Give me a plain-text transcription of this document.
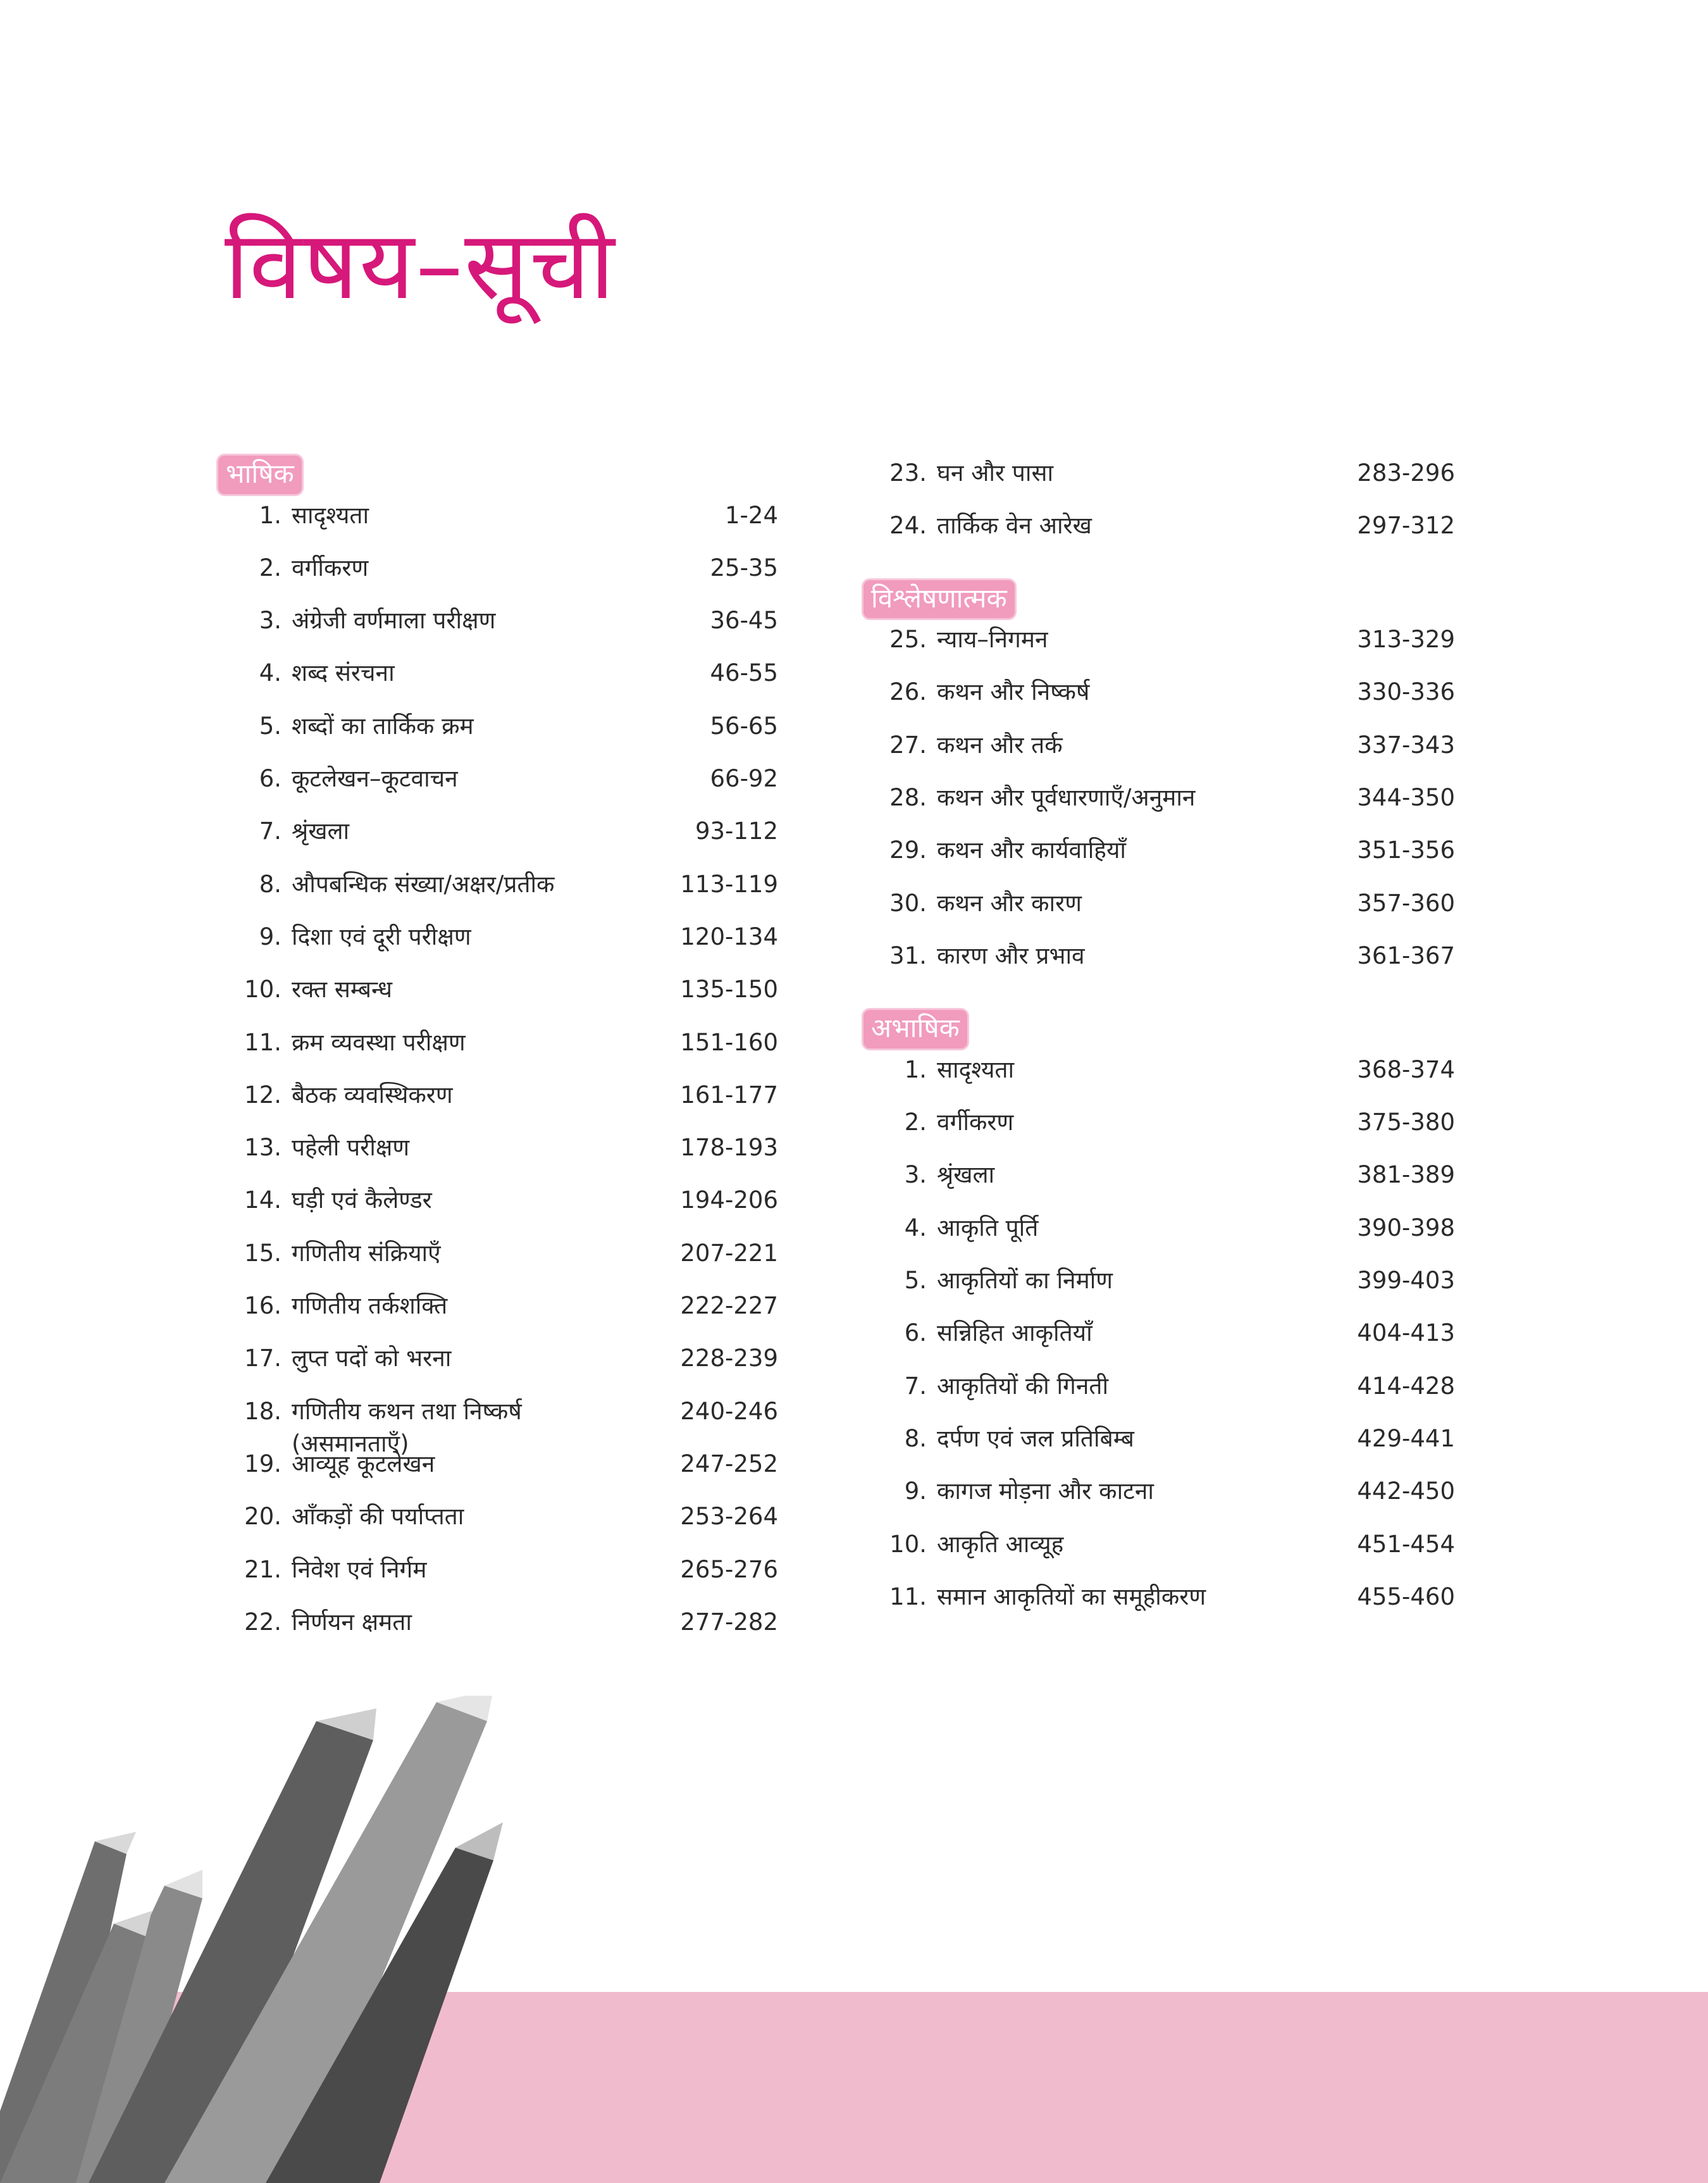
विषय–सूची
भाषिक
1. सादृश्यता	1-24
2. वर्गीकरण	25-35
3. अंग्रेजी वर्णमाला परीक्षण	36-45
4. शब्द संरचना	46-55
5. शब्दों का तार्किक क्रम	56-65
6. कूटलेखन–कूटवाचन	66-92
7. श्रृंखला	93-112
8. औपबन्धिक संख्या/अक्षर/प्रतीक	113-119
9. दिशा एवं दूरी परीक्षण	120-134
10. रक्त सम्बन्ध	135-150
11. क्रम व्यवस्था परीक्षण	151-160
12. बैठक व्यवस्थिकरण	161-177
13. पहेली परीक्षण	178-193
14. घड़ी एवं कैलेण्डर	194-206
15. गणितीय संक्रियाएँ	207-221
16. गणितीय तर्कशक्ति	222-227
17. लुप्त पदों को भरना	228-239
18. गणितीय कथन तथा निष्कर्ष (असमानताएँ)
240-246
19. आव्यूह कूटलेखन	247-252
20. आँकड़ों की पर्याप्तता	253-264
21. निवेश एवं निर्गम	265-276
22. निर्णयन क्षमता	277-282
23. घन और पासा	283-296
24. तार्किक वेन आरेख	297-312
विश्लेषणात्मक
25. न्याय–निगमन	313-329
26. कथन और निष्कर्ष	330-336
27. कथन और तर्क	337-343
28. कथन और पूर्वधारणाएँ/अनुमान	344-350
29. कथन और कार्यवाहियाँ	351-356
30. कथन और कारण	357-360
31. कारण और प्रभाव	361-367
अभाषिक
1. सादृश्यता	368-374
2. वर्गीकरण	375-380
3. श्रृंखला	381-389
4. आकृति पूर्ति	390-398
5. आकृतियों का निर्माण	399-403
6. सन्निहित आकृतियाँ	404-413
7. आकृतियों की गिनती	414-428
8. दर्पण एवं जल प्रतिबिम्ब	429-441
9. कागज मोड़ना और काटना	442-450
10. आकृति आव्यूह	451-454
11. समान आकृतियों का समूहीकरण	455-460
